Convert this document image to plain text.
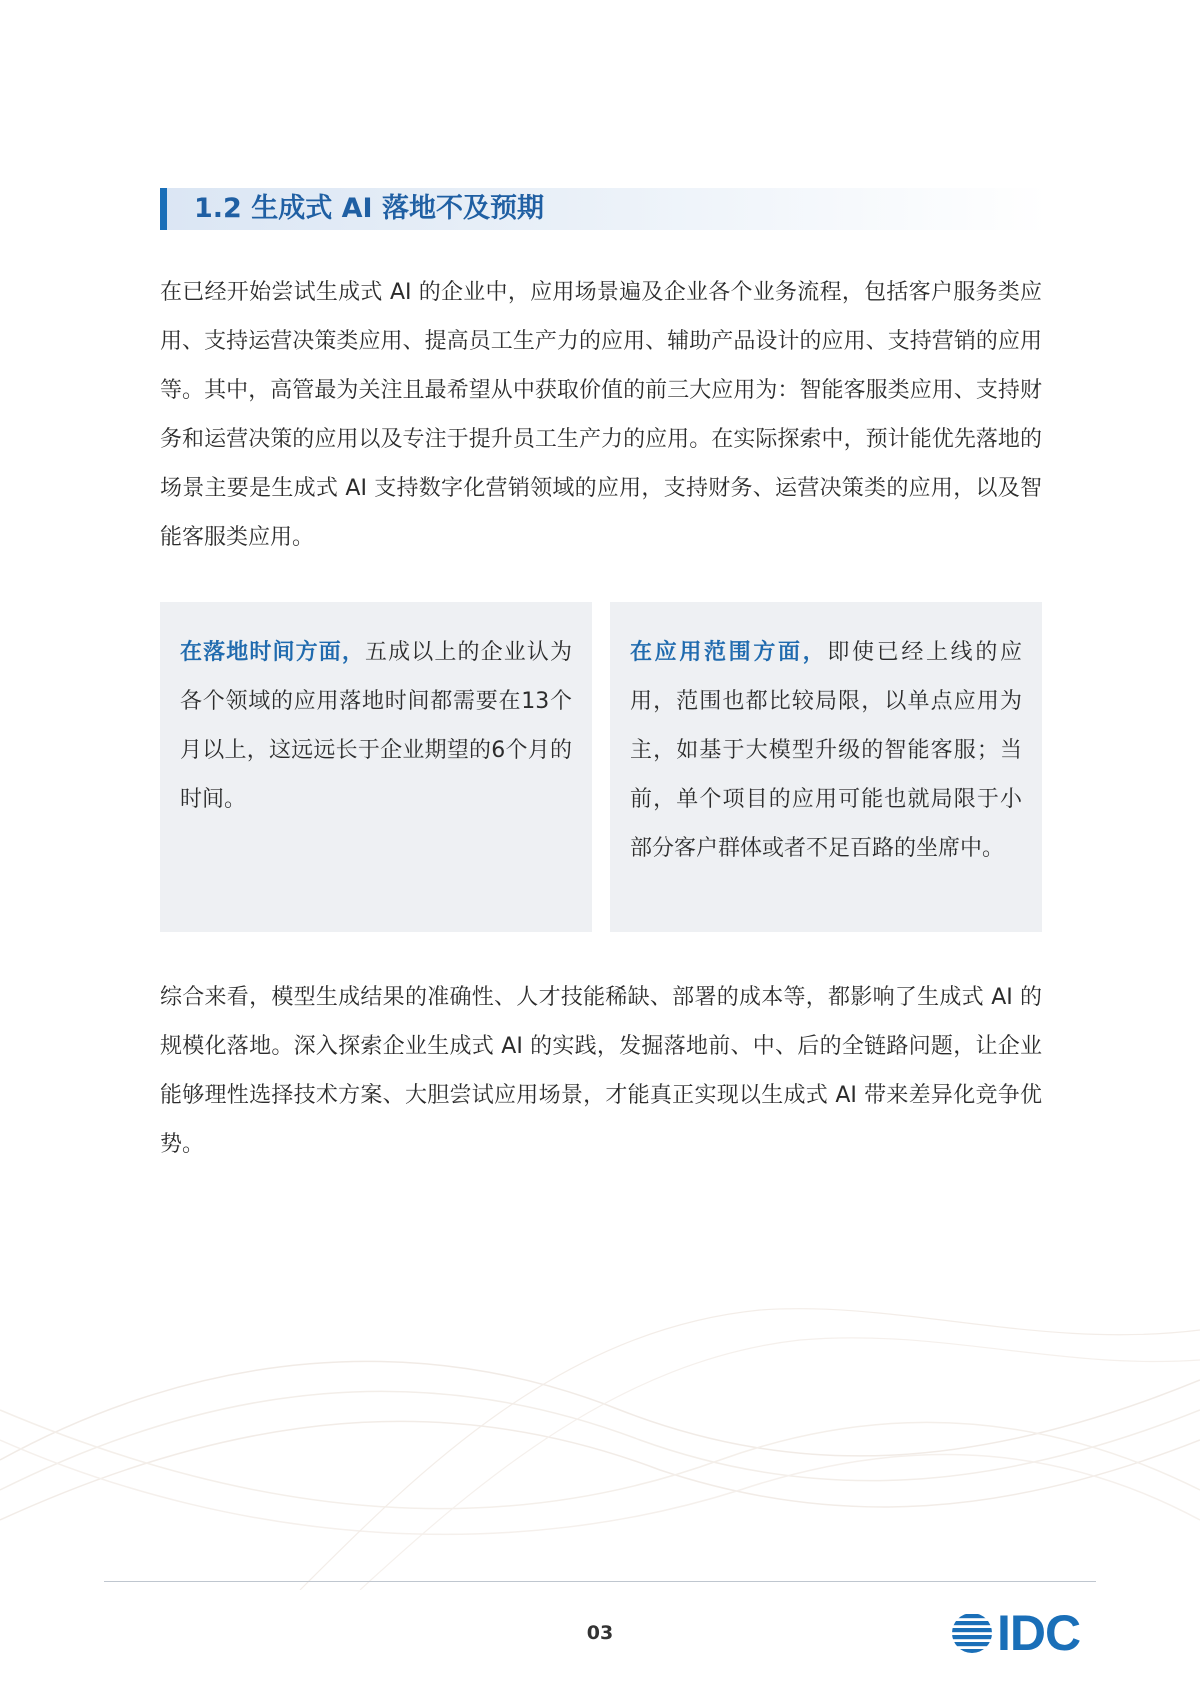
1.2 生成式 AI 落地不及预期

在已经开始尝试生成式 AI 的企业中，应用场景遍及企业各个业务流程，包括客户服务类应用、支持运营决策类应用、提高员工生产力的应用、辅助产品设计的应用、支持营销的应用等。其中，高管最为关注且最希望从中获取价值的前三大应用为：智能客服类应用、支持财务和运营决策的应用以及专注于提升员工生产力的应用。在实际探索中，预计能优先落地的场景主要是生成式 AI 支持数字化营销领域的应用，支持财务、运营决策类的应用，以及智能客服类应用。

在落地时间方面，五成以上的企业认为各个领域的应用落地时间都需要在13个月以上，这远远长于企业期望的6个月的时间。

在应用范围方面，即使已经上线的应用，范围也都比较局限，以单点应用为主，如基于大模型升级的智能客服；当前，单个项目的应用可能也就局限于小部分客户群体或者不足百路的坐席中。

综合来看，模型生成结果的准确性、人才技能稀缺、部署的成本等，都影响了生成式 AI 的规模化落地。深入探索企业生成式 AI 的实践，发掘落地前、中、后的全链路问题，让企业能够理性选择技术方案、大胆尝试应用场景，才能真正实现以生成式 AI 带来差异化竞争优势。

03	IDC
